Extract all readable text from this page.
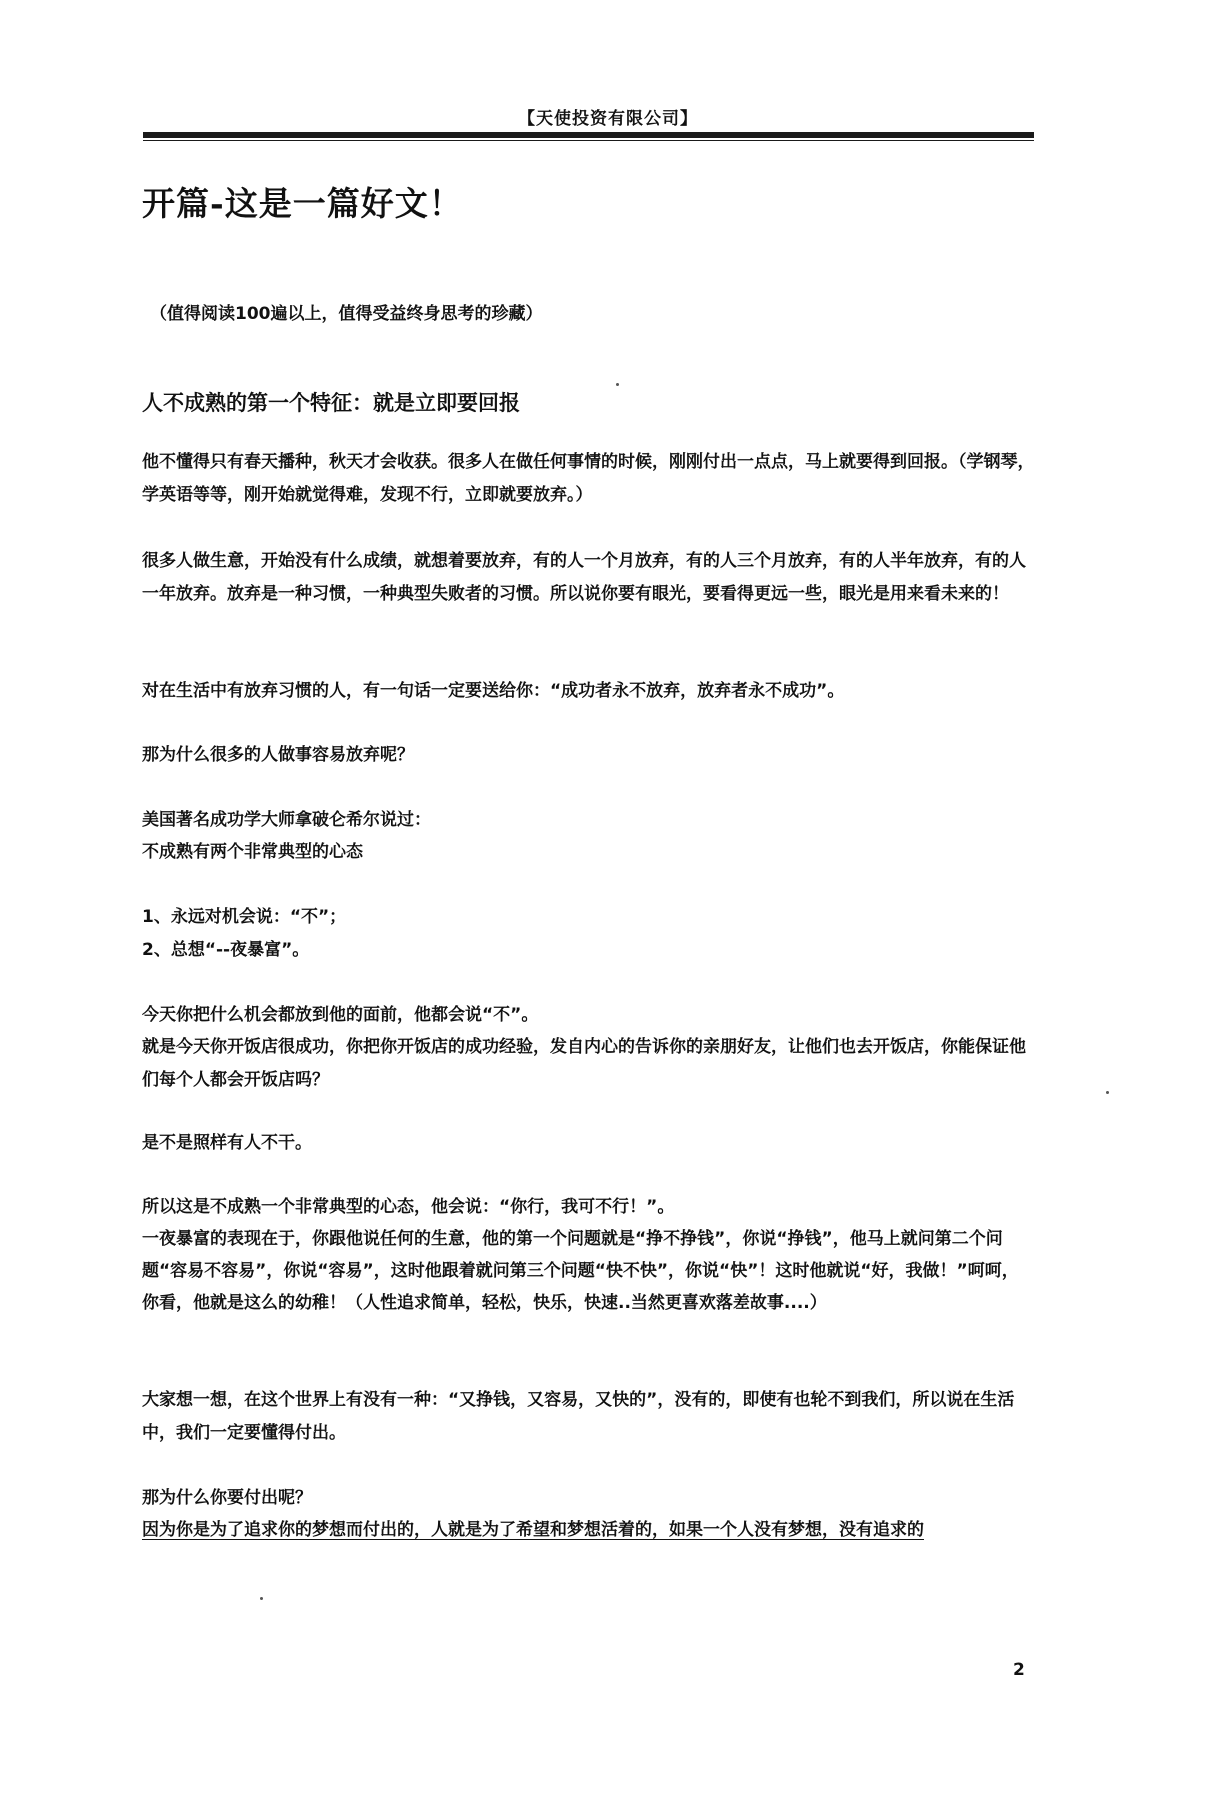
【天使投资有限公司】
开篇-这是一篇好文！
（值得阅读100遍以上，值得受益终身思考的珍藏）
人不成熟的第一个特征：就是立即要回报
他不懂得只有春天播种，秋天才会收获。很多人在做任何事情的时候，刚刚付出一点点，马上就要得到回报。（学钢琴，学英语等等，刚开始就觉得难，发现不行，立即就要放弃。）
很多人做生意，开始没有什么成绩，就想着要放弃，有的人一个月放弃，有的人三个月放弃，有的人半年放弃，有的人一年放弃。放弃是一种习惯，一种典型失败者的习惯。所以说你要有眼光，要看得更远一些，眼光是用来看未来的！
对在生活中有放弃习惯的人，有一句话一定要送给你：“成功者永不放弃，放弃者永不成功”。
那为什么很多的人做事容易放弃呢？
美国著名成功学大师拿破仑希尔说过：
不成熟有两个非常典型的心态
1、永远对机会说：“不”；
2、总想“--夜暴富”。
今天你把什么机会都放到他的面前，他都会说“不”。
就是今天你开饭店很成功，你把你开饭店的成功经验，发自内心的告诉你的亲朋好友，让他们也去开饭店，你能保证他们每个人都会开饭店吗？
是不是照样有人不干。
所以这是不成熟一个非常典型的心态，他会说：“你行，我可不行！”。
一夜暴富的表现在于，你跟他说任何的生意，他的第一个问题就是“挣不挣钱”，你说“挣钱”，他马上就问第二个问题“容易不容易”，你说“容易”，这时他跟着就问第三个问题“快不快”，你说“快”！这时他就说“好，我做！”呵呵，你看，他就是这么的幼稚！（人性追求简单，轻松，快乐，快速..当然更喜欢落差故事....）
大家想一想，在这个世界上有没有一种：“又挣钱，又容易，又快的”，没有的，即使有也轮不到我们，所以说在生活中，我们一定要懂得付出。
那为什么你要付出呢？
因为你是为了追求你的梦想而付出的，人就是为了希望和梦想活着的，如果一个人没有梦想，没有追求的
2
